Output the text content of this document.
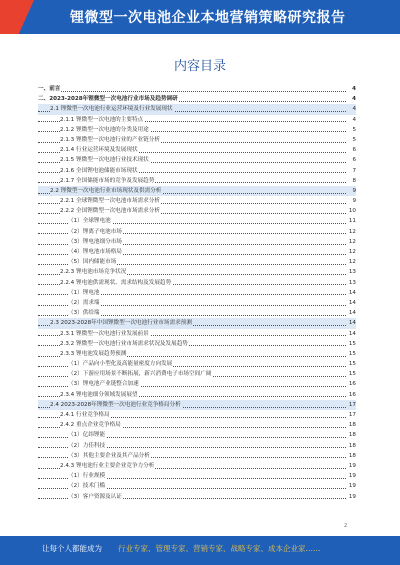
锂微型一次电池企业本地营销策略研究报告
内容目录
一、前言	4
二、2023-2028年锂微型一次电池行业市场及趋势调研	4
2.1 锂微型一次电池行业运营环境及行业发展现状	4
2.1.1 锂微型一次电池的主要特点	4
2.1.2 锂微型一次电池的分类及用途	5
2.1.3 锂微型一次电池行业的产业链分析	5
2.1.4 行业运营环境及发展现状	6
2.1.5 锂微型一次电池行业技术现状	6
2.1.6 全国锂电池储能市场现状	7
2.1.7 全国储能市场的竞争及发展趋势	8
2.2 锂微型一次电池行业市场现状及供需分析	9
2.2.1 全球锂微型一次电池市场需求分析	9
2.2.2 全国锂微型一次电池市场需求分析	10
（1）全球锂电池	11
（2）锂离子电池市场	12
（3）锂电池细分市场	12
（4）锂电池市场格局	12
（5）国内储能市场	12
2.2.3 锂电池市场竞争状况	13
2.2.4 锂电池供需现状、需求结构及发展趋势	13
（1）锂电池	14
（2）需求端	14
（3）供给端	14
2.3 2023-2028年中国锂微型一次电池行业市场需求预测	14
2.3.1 锂微型一次电池行业发展前景	14
2.3.2 锂微型一次电池行业市场需求状况及发展趋势	15
2.3.3 锂电池发展趋势预测	15
（1）产品向小型化及高能量密度方向发展	15
（2）下游应用场景不断拓展，新兴消费电子市场空间广阔	15
（3）锂电池产业链整合加速	16
2.3.4 锂电池细分领域发展展望	16
2.4 2023-2028年锂微型一次电池行业竞争格局分析	17
2.4.1 行业竞争格局	17
2.4.2 重点企业竞争格局	18
（1）亿纬锂能	18
（2）力佳科技	18
（3）其他主要企业及其产品分析	18
2.4.3 锂电池行业主要企业竞争力分析	19
（1）行业规模	19
（2）技术门槛	19
（3）客户资源及认证	19
2
让每个人都能成为 行业专家、管理专家、营销专家、战略专家、成本企业家……
